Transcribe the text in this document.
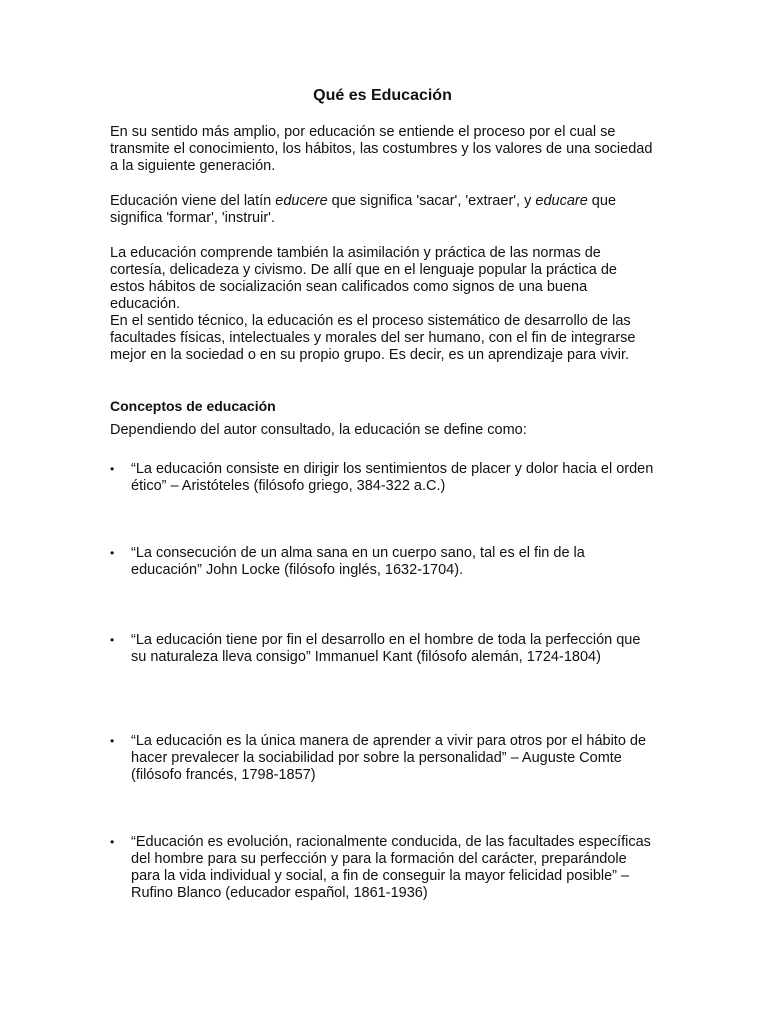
Qué es Educación

En su sentido más amplio, por educación se entiende el proceso por el cual se transmite el conocimiento, los hábitos, las costumbres y los valores de una sociedad a la siguiente generación.

Educación viene del latín educere que significa 'sacar', 'extraer', y educare que significa 'formar', 'instruir'.

La educación comprende también la asimilación y práctica de las normas de cortesía, delicadeza y civismo. De allí que en el lenguaje popular la práctica de estos hábitos de socialización sean calificados como signos de una buena educación.

En el sentido técnico, la educación es el proceso sistemático de desarrollo de las facultades físicas, intelectuales y morales del ser humano, con el fin de integrarse mejor en la sociedad o en su propio grupo. Es decir, es un aprendizaje para vivir.

Conceptos de educación

Dependiendo del autor consultado, la educación se define como:

• “La educación consiste en dirigir los sentimientos de placer y dolor hacia el orden ético” – Aristóteles (filósofo griego, 384-322 a.C.)
• “La consecución de un alma sana en un cuerpo sano, tal es el fin de la educación” John Locke (filósofo inglés, 1632-1704).
• “La educación tiene por fin el desarrollo en el hombre de toda la perfección que su naturaleza lleva consigo” Immanuel Kant (filósofo alemán, 1724-1804)
• “La educación es la única manera de aprender a vivir para otros por el hábito de hacer prevalecer la sociabilidad por sobre la personalidad” – Auguste Comte (filósofo francés, 1798-1857)
• “Educación es evolución, racionalmente conducida, de las facultades específicas del hombre para su perfección y para la formación del carácter, preparándole para la vida individual y social, a fin de conseguir la mayor felicidad posible” – Rufino Blanco (educador español, 1861-1936)
